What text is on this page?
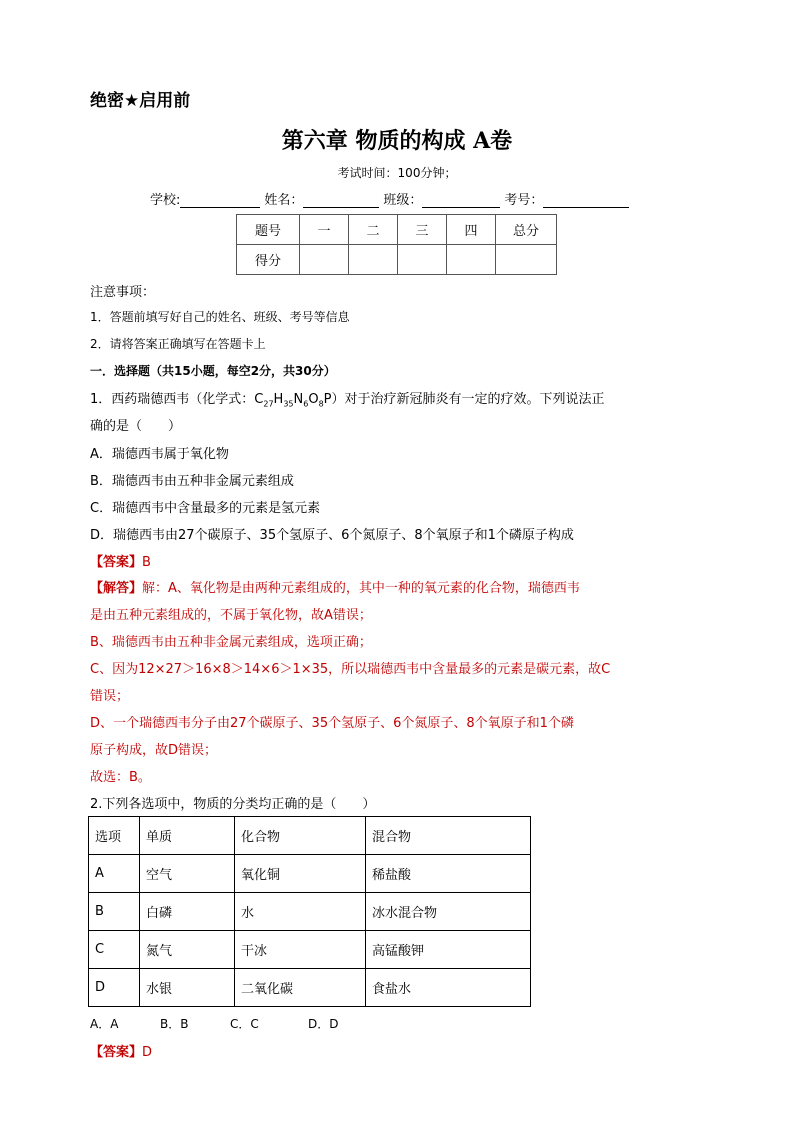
绝密★启用前
第六章 物质的构成 A卷
考试时间：100分钟；
学校:	姓名：	班级：	考号：
题号	一	二	三	四	总分
得分					
注意事项：
1．答题前填写好自己的姓名、班级、考号等信息
2．请将答案正确填写在答题卡上
一．选择题（共15小题，每空2分，共30分）
1．西药瑞德西韦（化学式：$C_{27}H_{35}N_6O_8P$）对于治疗新冠肺炎有一定的疗效。下列说法正
确的是（　　）
A．瑞德西韦属于氧化物
B．瑞德西韦由五种非金属元素组成
C．瑞德西韦中含量最多的元素是氢元素
D．瑞德西韦由27个碳原子、35个氢原子、6个氮原子、8个氧原子和1个磷原子构成
【答案】B
【解答】解：A、氧化物是由两种元素组成的，其中一种的氧元素的化合物，瑞德西韦
是由五种元素组成的，不属于氧化物，故A错误；
B、瑞德西韦由五种非金属元素组成，选项正确；
C、因为12×27＞16×8＞14×6＞1×35，所以瑞德西韦中含量最多的元素是碳元素，故C
错误；
D、一个瑞德西韦分子由27个碳原子、35个氢原子、6个氮原子、8个氧原子和1个磷
原子构成，故D错误；
故选：B。
2.下列各选项中，物质的分类均正确的是（　　）
选项	单质	化合物	混合物
A	空气	氧化铜	稀盐酸
B	白磷	水	冰水混合物
C	氮气	干冰	高锰酸钾
D	水银	二氧化碳	食盐水
A．A	B．B	C．C	D．D
【答案】D
